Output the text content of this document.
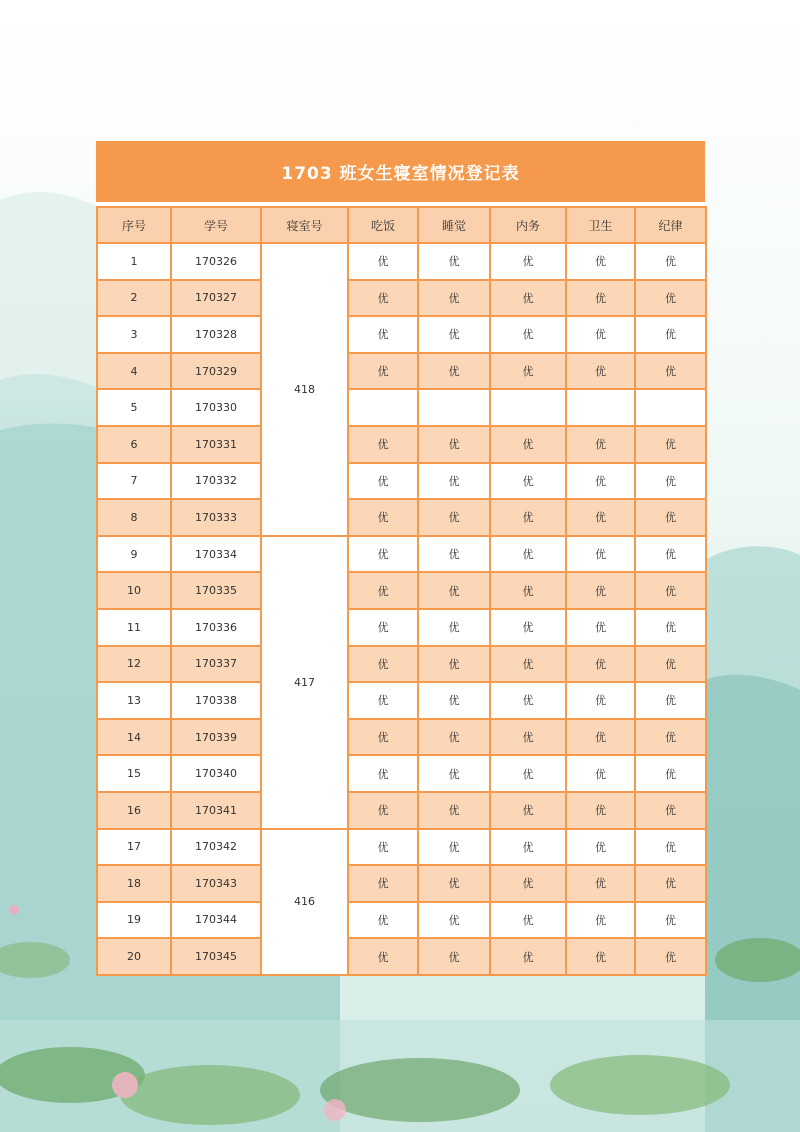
1703 班女生寝室情况登记表
序号	学号	寝室号	吃饭	睡觉	内务	卫生	纪律
1	170326	418	优	优	优	优	优
2	170327		优	优	优	优	优
3	170328		优	优	优	优	优
4	170329		优	优	优	优	优
5	170330						
6	170331		优	优	优	优	优
7	170332		优	优	优	优	优
8	170333		优	优	优	优	优
9	170334	417	优	优	优	优	优
10	170335		优	优	优	优	优
11	170336		优	优	优	优	优
12	170337		优	优	优	优	优
13	170338		优	优	优	优	优
14	170339		优	优	优	优	优
15	170340		优	优	优	优	优
16	170341		优	优	优	优	优
17	170342	416	优	优	优	优	优
18	170343		优	优	优	优	优
19	170344		优	优	优	优	优
20	170345		优	优	优	优	优
